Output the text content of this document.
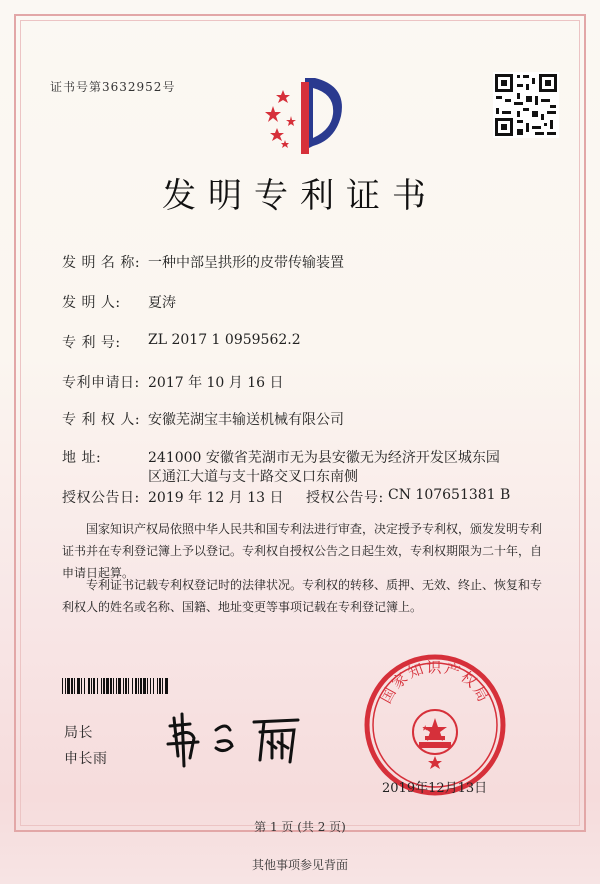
证书号第3632952号
发明专利证书
发 明 名 称: 一种中部呈拱形的皮带传输装置
发 明 人: 夏涛
专 利 号: ZL 2017 1 0959562.2
专利申请日: 2017 年 10 月 16 日
专 利 权 人: 安徽芜湖宝丰输送机械有限公司
地 址:	241000 安徽省芜湖市无为县安徽无为经济开发区城东园
区通江大道与支十路交叉口东南侧
授权公告日: 2019 年 12 月 13 日 授权公告号: CN 107651381 B
国家知识产权局依照中华人民共和国专利法进行审查，决定授予专利权，颁发发明专利证书并在专利登记簿上予以登记。专利权自授权公告之日起生效，专利权期限为二十年，自申请日起算。
专利证书记载专利权登记时的法律状况。专利权的转移、质押、无效、终止、恢复和专利权人的姓名或名称、国籍、地址变更等事项记载在专利登记簿上。
局长
申长雨
国家知识产权局
2019年12月13日
第 1 页 (共 2 页)
其他事项参见背面
